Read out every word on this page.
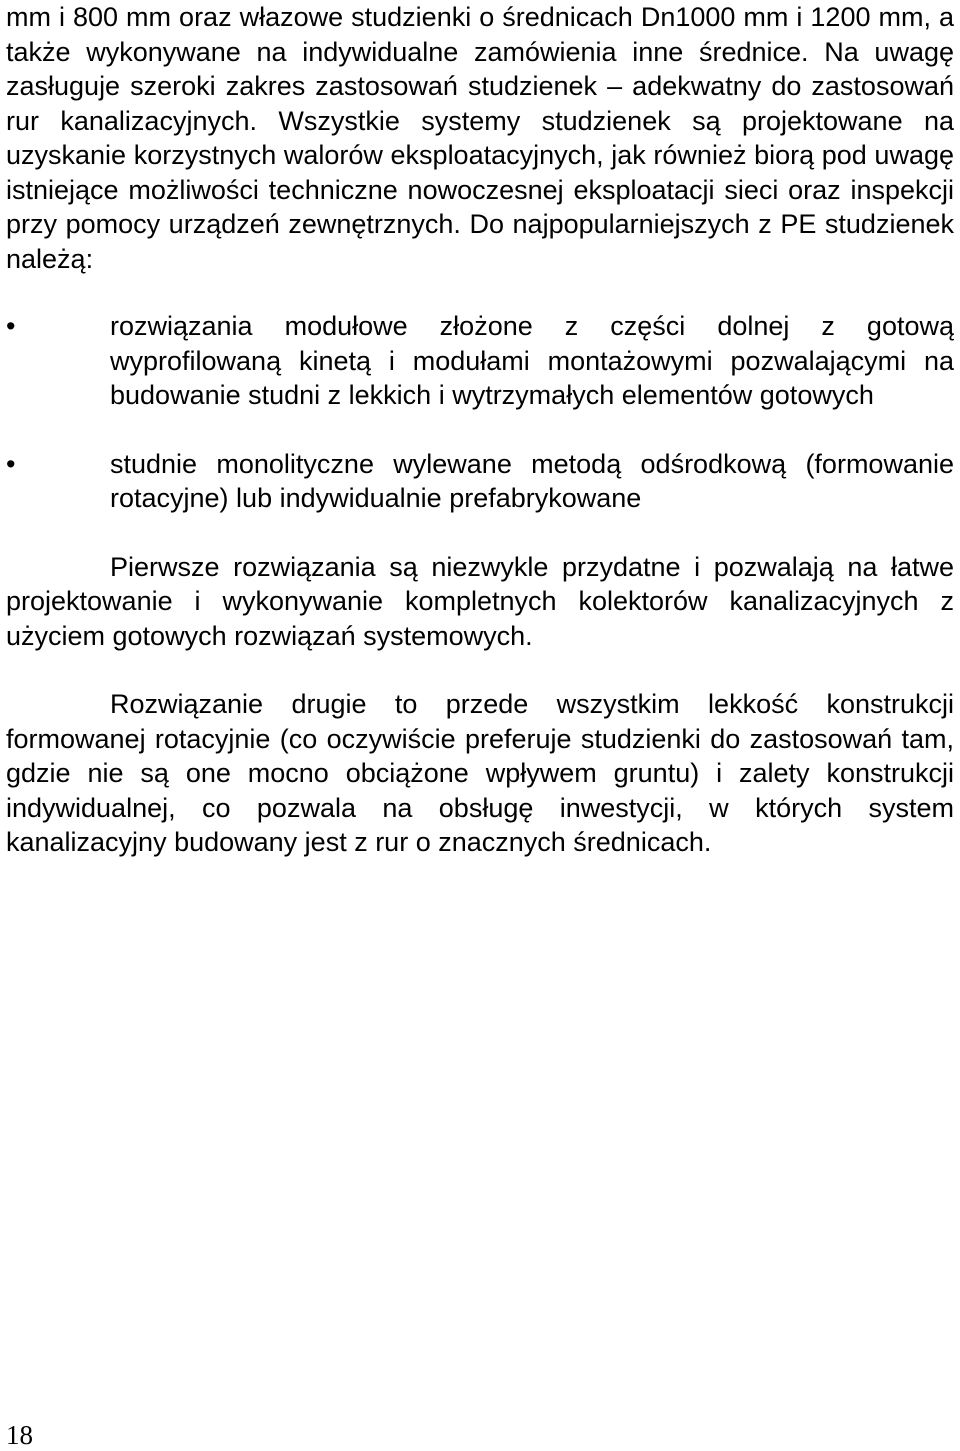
mm i 800 mm oraz włazowe studzienki o średnicach Dn1000 mm i 1200 mm, a także wykonywane na indywidualne zamówienia inne średnice. Na uwagę zasługuje szeroki zakres zastosowań studzienek – adekwatny do zastosowań rur kanalizacyjnych. Wszystkie systemy studzienek są projektowane na uzyskanie korzystnych walorów eksploatacyjnych, jak również biorą pod uwagę istniejące możliwości techniczne nowoczesnej eksploatacji sieci oraz inspekcji przy pomocy urządzeń zewnętrznych. Do najpopularniejszych z PE studzienek należą:

•	rozwiązania modułowe złożone z części dolnej z gotową wyprofilowaną kinetą i modułami montażowymi pozwalającymi na budowanie studni z lekkich i wytrzymałych elementów gotowych
•	studnie monolityczne wylewane metodą odśrodkową (formowanie rotacyjne) lub indywidualnie prefabrykowane

Pierwsze rozwiązania są niezwykle przydatne i pozwalają na łatwe projektowanie i wykonywanie kompletnych kolektorów kanalizacyjnych z użyciem gotowych rozwiązań systemowych.

Rozwiązanie drugie to przede wszystkim lekkość konstrukcji formowanej rotacyjnie (co oczywiście preferuje studzienki do zastosowań tam, gdzie nie są one mocno obciążone wpływem gruntu) i zalety konstrukcji indywidualnej, co pozwala na obsługę inwestycji, w których system kanalizacyjny budowany jest z rur o znacznych średnicach.

18
